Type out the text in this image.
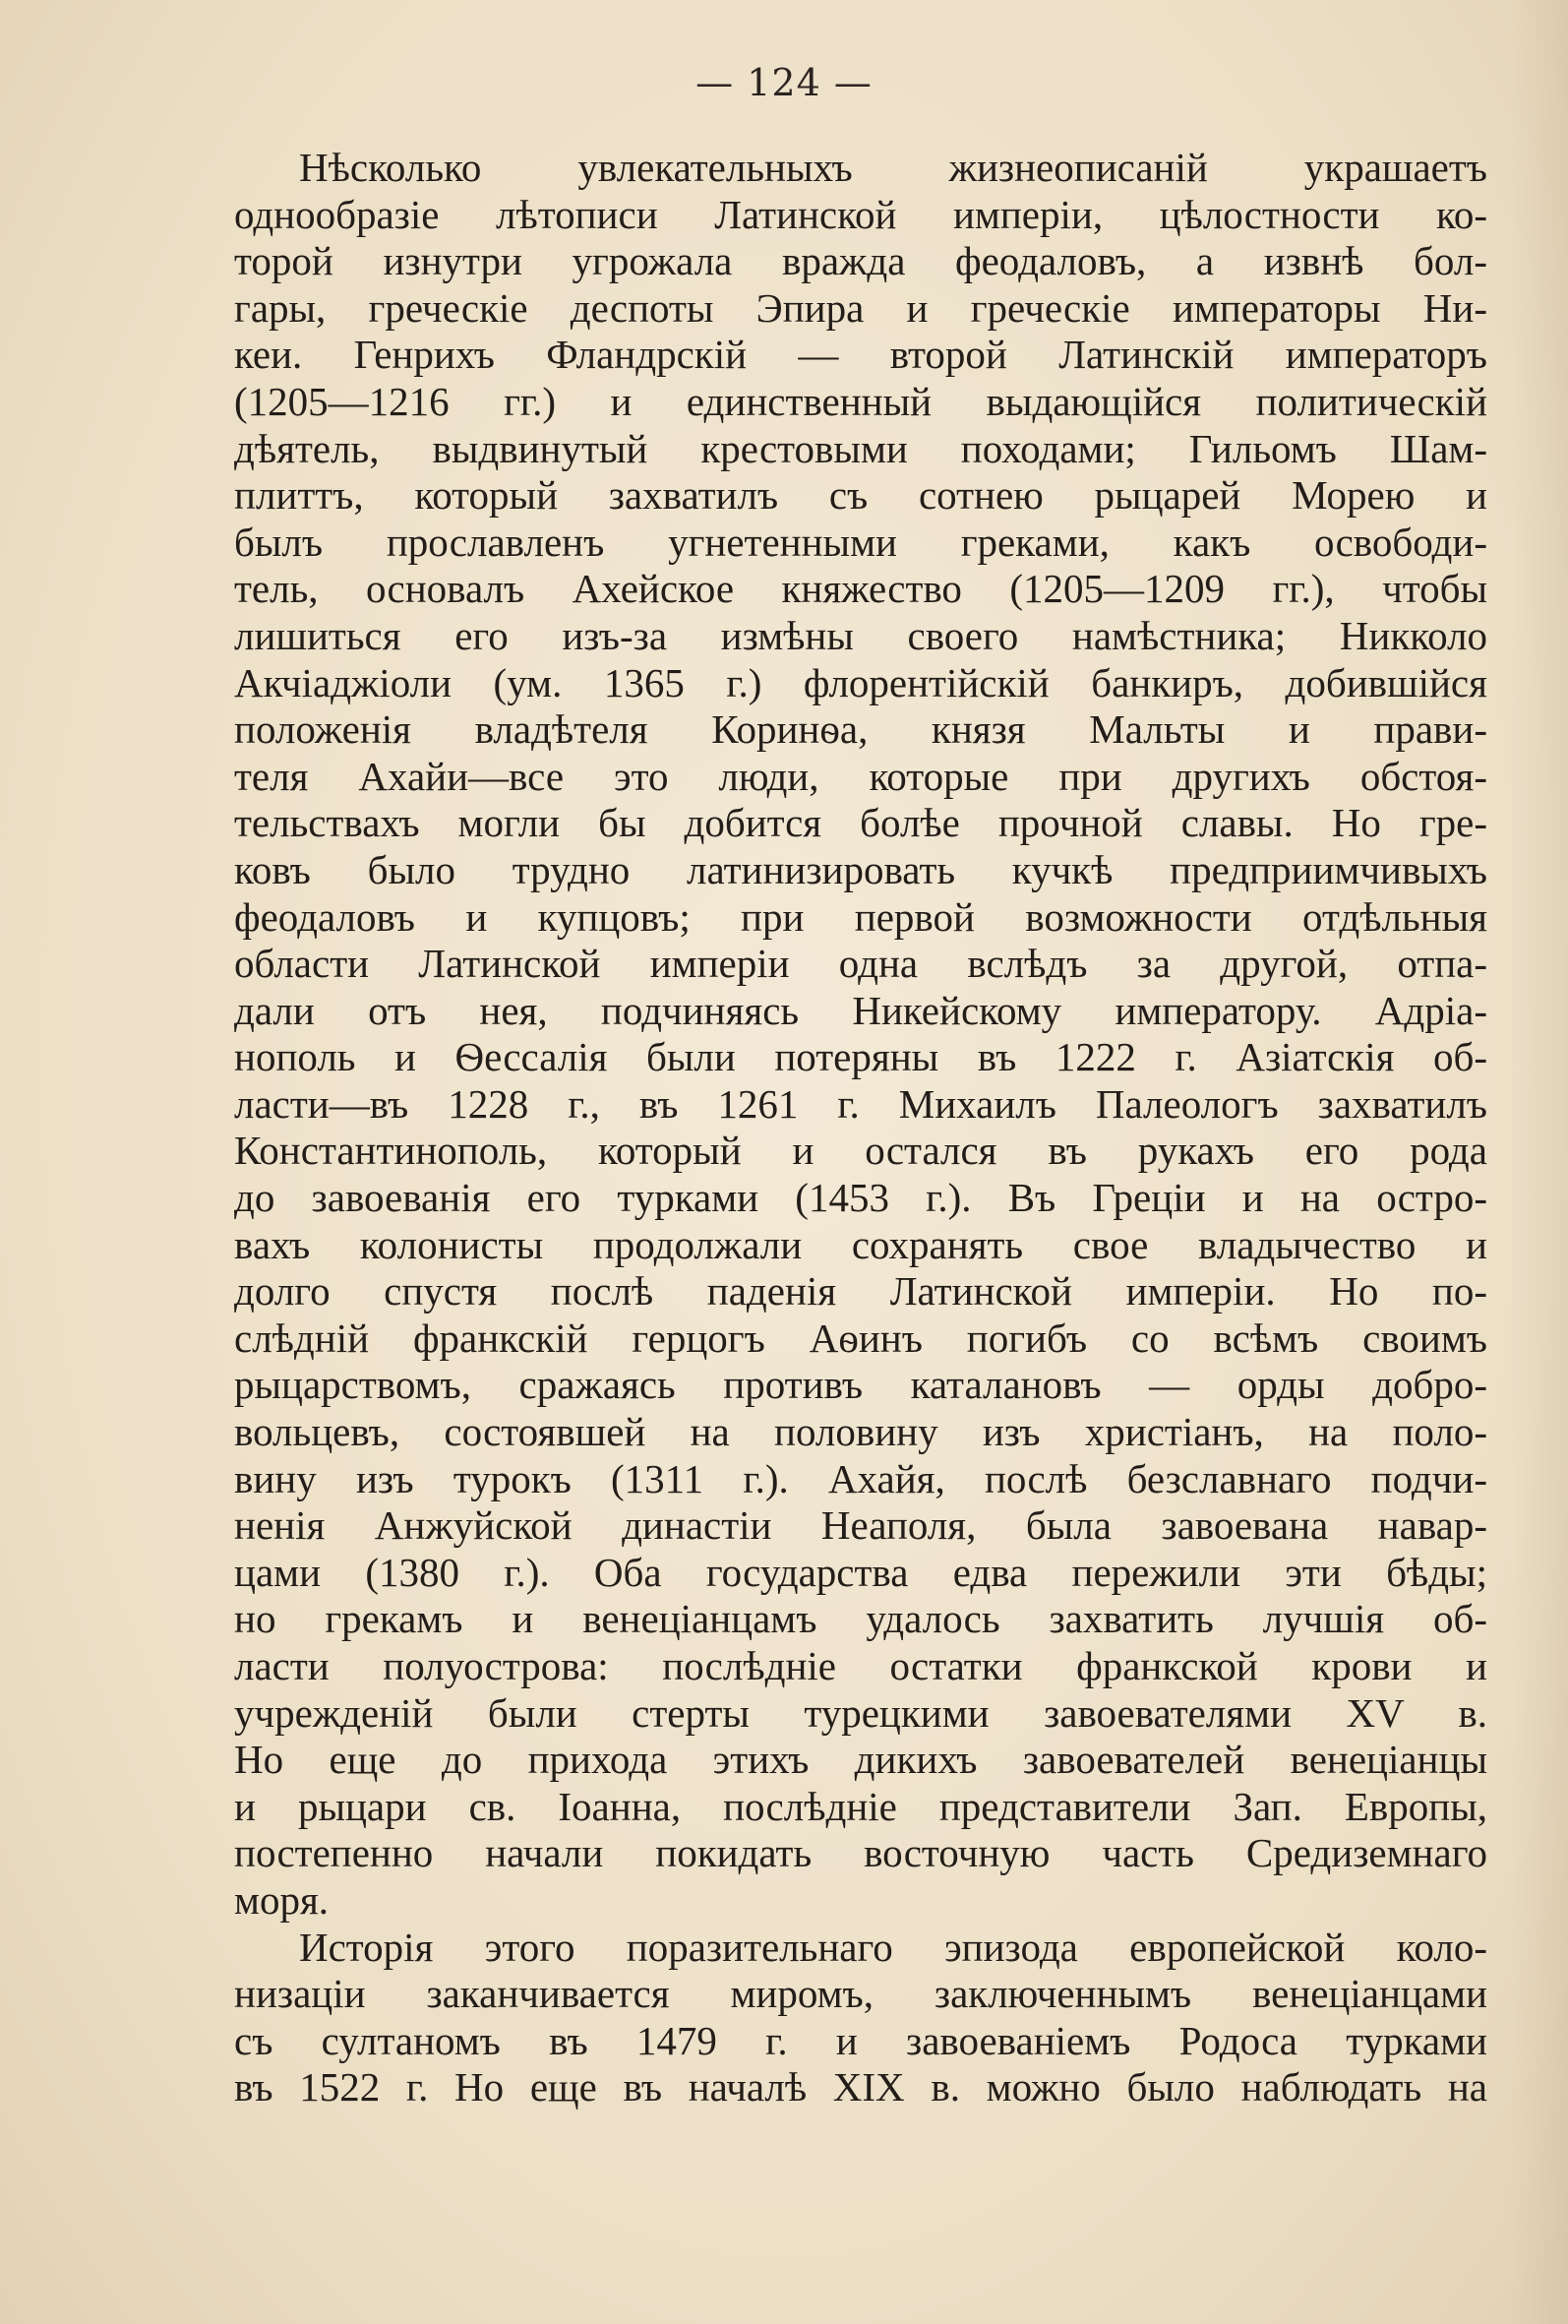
— 124 —
Нѣсколько увлекательныхъ жизнеописанiй украшаетъ
однообразiе лѣтописи Латинской имперiи, цѣлостности ко-
торой изнутри угрожала вражда феодаловъ, а извнѣ бол-
гары, греческiе деспоты Эпира и греческiе императоры Ни-
кеи. Генрихъ Фландрскiй — второй Латинскiй императоръ
(1205—1216 гг.) и единственный выдающiйся политическiй
дѣятель, выдвинутый крестовыми походами; Гильомъ Шам-
плиттъ, который захватилъ съ сотнею рыцарей Морею и
былъ прославленъ угнетенными греками, какъ освободи-
тель, основалъ Ахейское княжество (1205—1209 гг.), чтобы
лишиться его изъ-за измѣны своего намѣстника; Никколо
Акчiаджiоли (ум. 1365 г.) флорентiйскiй банкиръ, добившiйся
положенiя владѣтеля Коринѳа, князя Мальты и прави-
теля Ахайи—все это люди, которые при другихъ обстоя-
тельствахъ могли бы добится болѣе прочной славы. Но гре-
ковъ было трудно латинизировать кучкѣ предприимчивыхъ
феодаловъ и купцовъ; при первой возможности отдѣльныя
области Латинской имперiи одна вслѣдъ за другой, отпа-
дали отъ нея, подчиняясь Никейскому императору. Адрiа-
нополь и Ѳессалiя были потеряны въ 1222 г. Азiатскiя об-
ласти—въ 1228 г., въ 1261 г. Михаилъ Палеологъ захватилъ
Константинополь, который и остался въ рукахъ его рода
до завоеванiя его турками (1453 г.). Въ Грецiи и на остро-
вахъ колонисты продолжали сохранять свое владычество и
долго спустя послѣ паденiя Латинской имперiи. Но по-
слѣднiй франкскiй герцогъ Аѳинъ погибъ со всѣмъ своимъ
рыцарствомъ, сражаясь противъ каталановъ — орды добро-
вольцевъ, состоявшей на половину изъ христiанъ, на поло-
вину изъ турокъ (1311 г.). Ахайя, послѣ безславнаго подчи-
ненiя Анжуйской династiи Неаполя, была завоевана навар-
цами (1380 г.). Оба государства едва пережили эти бѣды;
но грекамъ и венецiанцамъ удалось захватить лучшiя об-
ласти полуострова: послѣднiе остатки франкской крови и
учрежденiй были стерты турецкими завоевателями XV в.
Но еще до прихода этихъ дикихъ завоевателей венецiанцы
и рыцари св. Iоанна, послѣднiе представители Зап. Европы,
постепенно начали покидать восточную часть Средиземнаго
моря.
Исторiя этого поразительнаго эпизода европейской коло-
низацiи заканчивается миромъ, заключеннымъ венецiанцами
съ султаномъ въ 1479 г. и завоеванiемъ Родоса турками
въ 1522 г. Но еще въ началѣ XIX в. можно было наблюдать на
